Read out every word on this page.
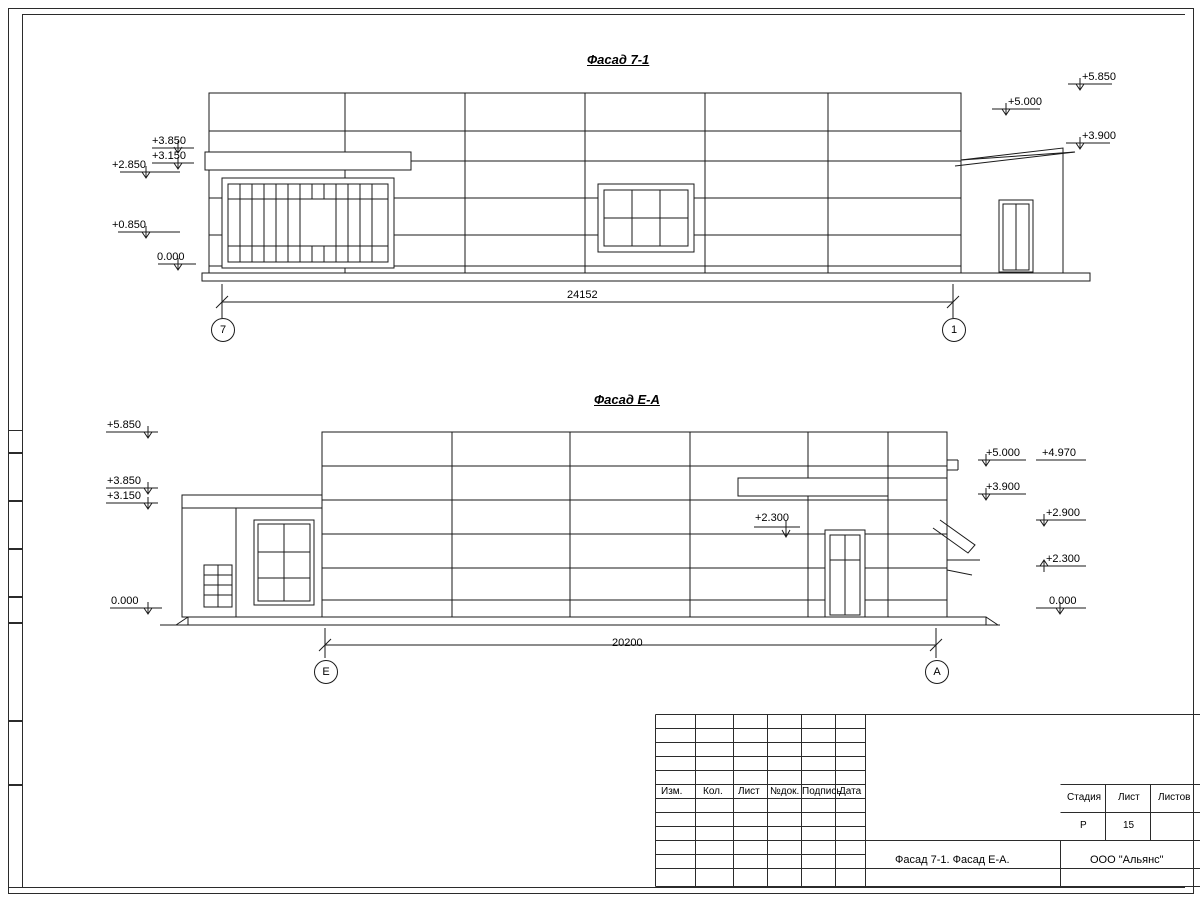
Фасад 7-1
+3.850
+3.150
+2.850
+0.850
0.000
+5.850
+5.000
+3.900
24152
7	1
Фасад Е-А
+5.850
+3.850
+3.150
0.000
+2.300
+5.000 +4.970
+3.900
+2.900
+2.300
0.000
20200
Е	А
Изм. Кол. Лист №док. Подпись
Дата
Стадия Лист Листов
Р	15
Фасад 7-1. Фасад Е-А.	ООО "Альянс"
